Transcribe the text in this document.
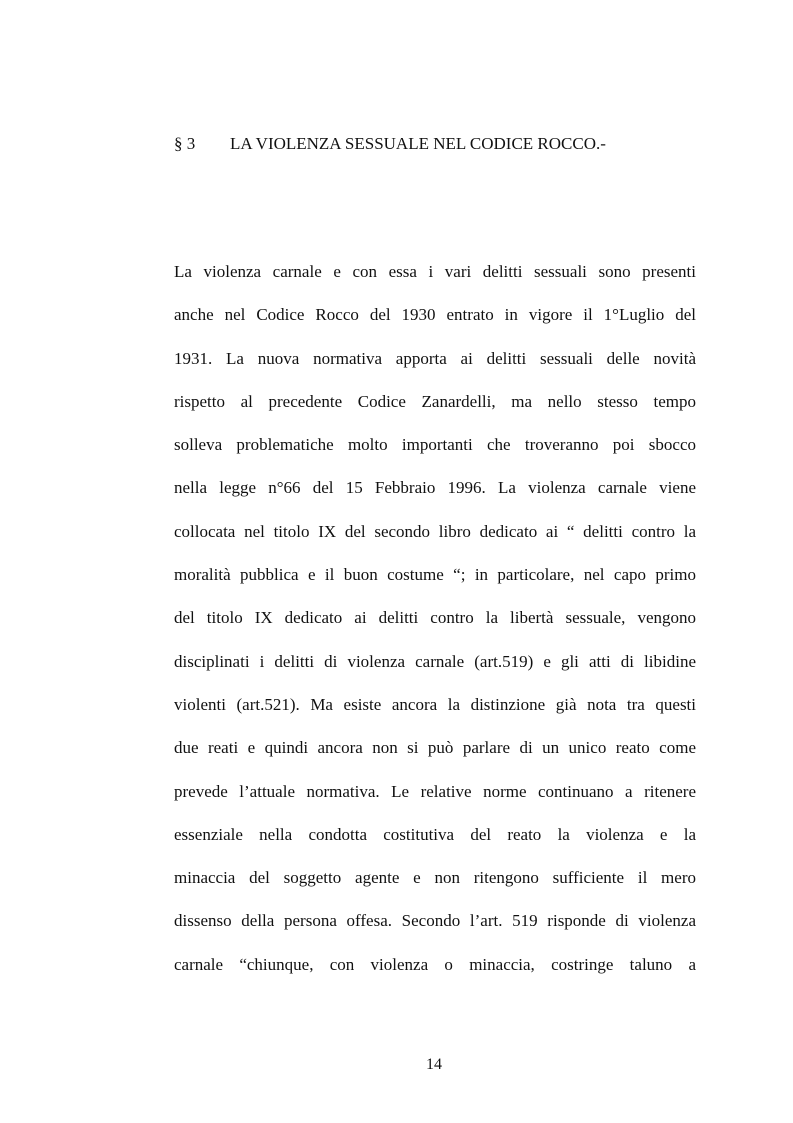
§ 3 LA VIOLENZA SESSUALE NEL CODICE ROCCO.-
La violenza carnale e con essa i vari delitti sessuali sono presenti
anche nel Codice Rocco del 1930 entrato in vigore il 1°Luglio del
1931. La nuova normativa apporta ai delitti sessuali delle novità
rispetto al precedente Codice Zanardelli, ma nello stesso tempo
solleva problematiche molto importanti che troveranno poi sbocco
nella legge n°66 del 15 Febbraio 1996. La violenza carnale viene
collocata nel titolo IX del secondo libro dedicato ai “ delitti contro la
moralità pubblica e il buon costume “; in particolare, nel capo primo
del titolo IX dedicato ai delitti contro la libertà sessuale, vengono
disciplinati i delitti di violenza carnale (art.519) e gli atti di libidine
violenti (art.521). Ma esiste ancora la distinzione già nota tra questi
due reati e quindi ancora non si può parlare di un unico reato come
prevede l’attuale normativa. Le relative norme continuano a ritenere
essenziale nella condotta costitutiva del reato la violenza e la
minaccia del soggetto agente e non ritengono sufficiente il mero
dissenso della persona offesa. Secondo l’art. 519 risponde di violenza
carnale “chiunque, con violenza o minaccia, costringe taluno a
14
